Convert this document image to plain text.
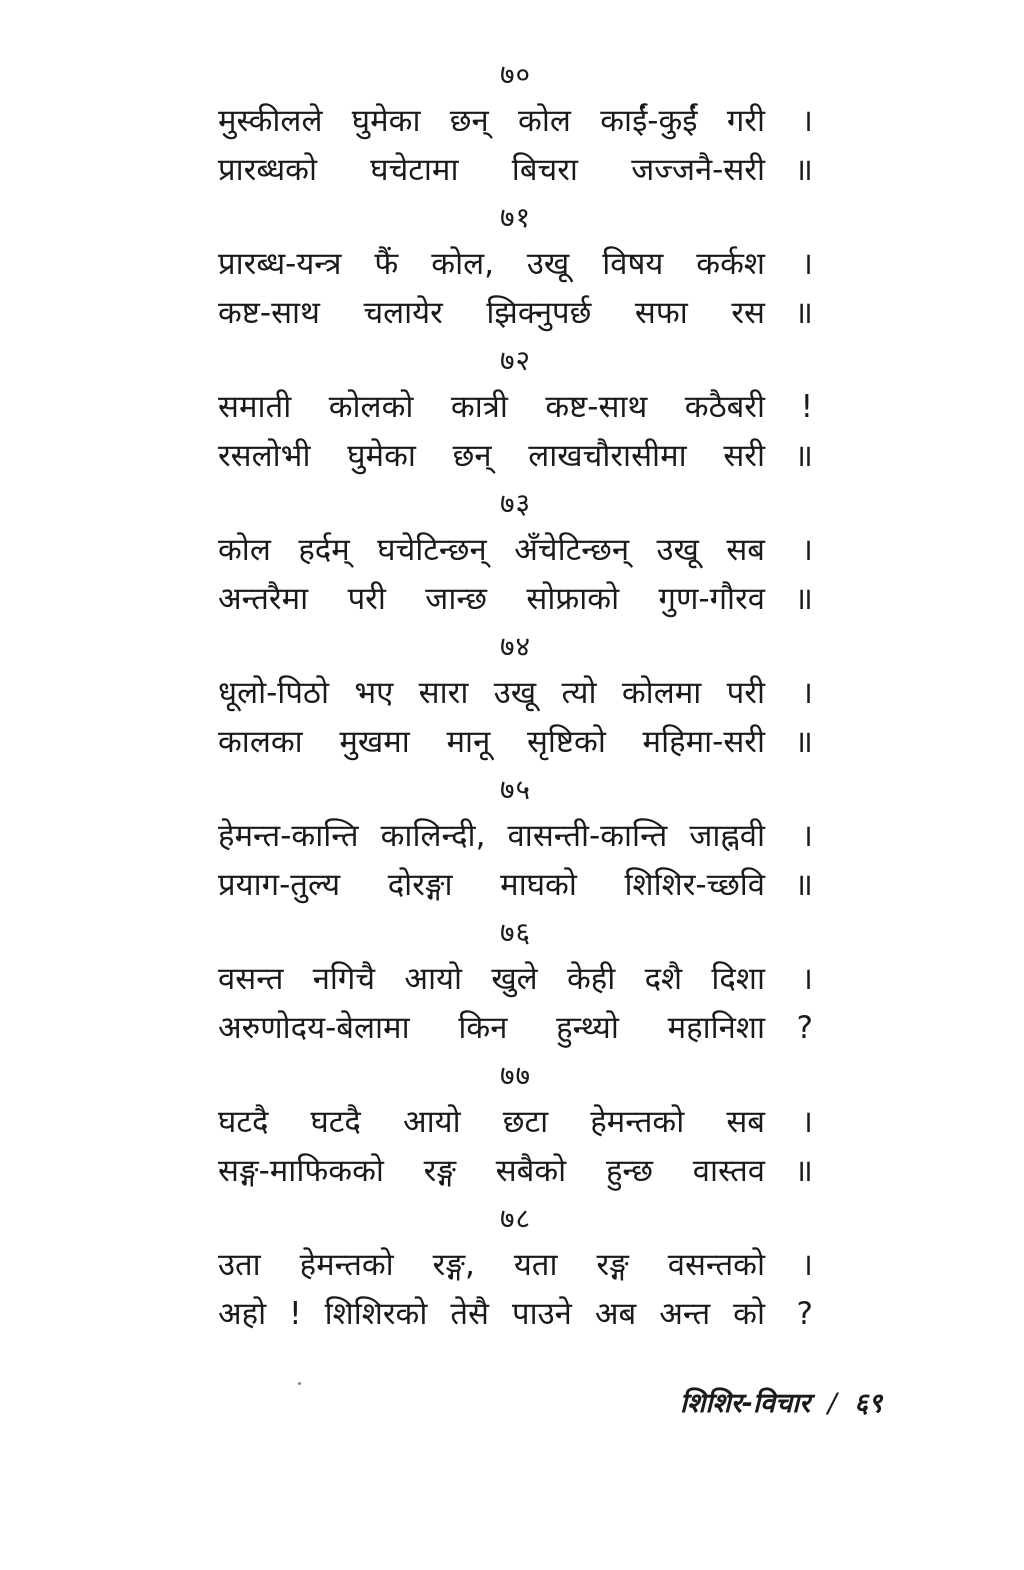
७०
मुस्कीलले घुमेका छन् कोल काईं-कुईं गरी	।
प्रारब्धको घचेटामा बिचरा जज्जनै-सरी ॥
७१
प्रारब्ध-यन्त्र फैं कोल, उखू विषय कर्कश	।
कष्ट-साथ चलायेर झिक्नुपर्छ सफा रस ॥
७२
समाती कोलको कात्री कष्ट-साथ कठैबरी	!
रसलोभी घुमेका छन् लाखचौरासीमा सरी ॥
७३
कोल हर्दम् घचेटिन्छन् अँचेटिन्छन् उखू सब	।
अन्तरैमा परी जान्छ सोफ्राको गुण-गौरव ॥
७४
धूलो-पिठो भए सारा उखू त्यो कोलमा परी	।
कालका मुखमा मानू सृष्टिको महिमा-सरी ॥
७५
हेमन्त-कान्ति कालिन्दी, वासन्ती-कान्ति जाह्नवी	।
प्रयाग-तुल्य दोरङ्गा माघको शिशिर-च्छवि ॥
७६
वसन्त नगिचै आयो खुले केही दशै दिशा	।
अरुणोदय-बेलामा किन हुन्थ्यो महानिशा	?
७७
घटदै घटदै आयो छटा हेमन्तको सब	।
सङ्ग-माफिकको रङ्ग सबैको हुन्छ वास्तव ॥
७८
उता हेमन्तको रङ्ग, यता रङ्ग वसन्तको	।
अहो ! शिशिरको तेसै पाउने अब अन्त को	?
शिशिर-विचार / ६९
